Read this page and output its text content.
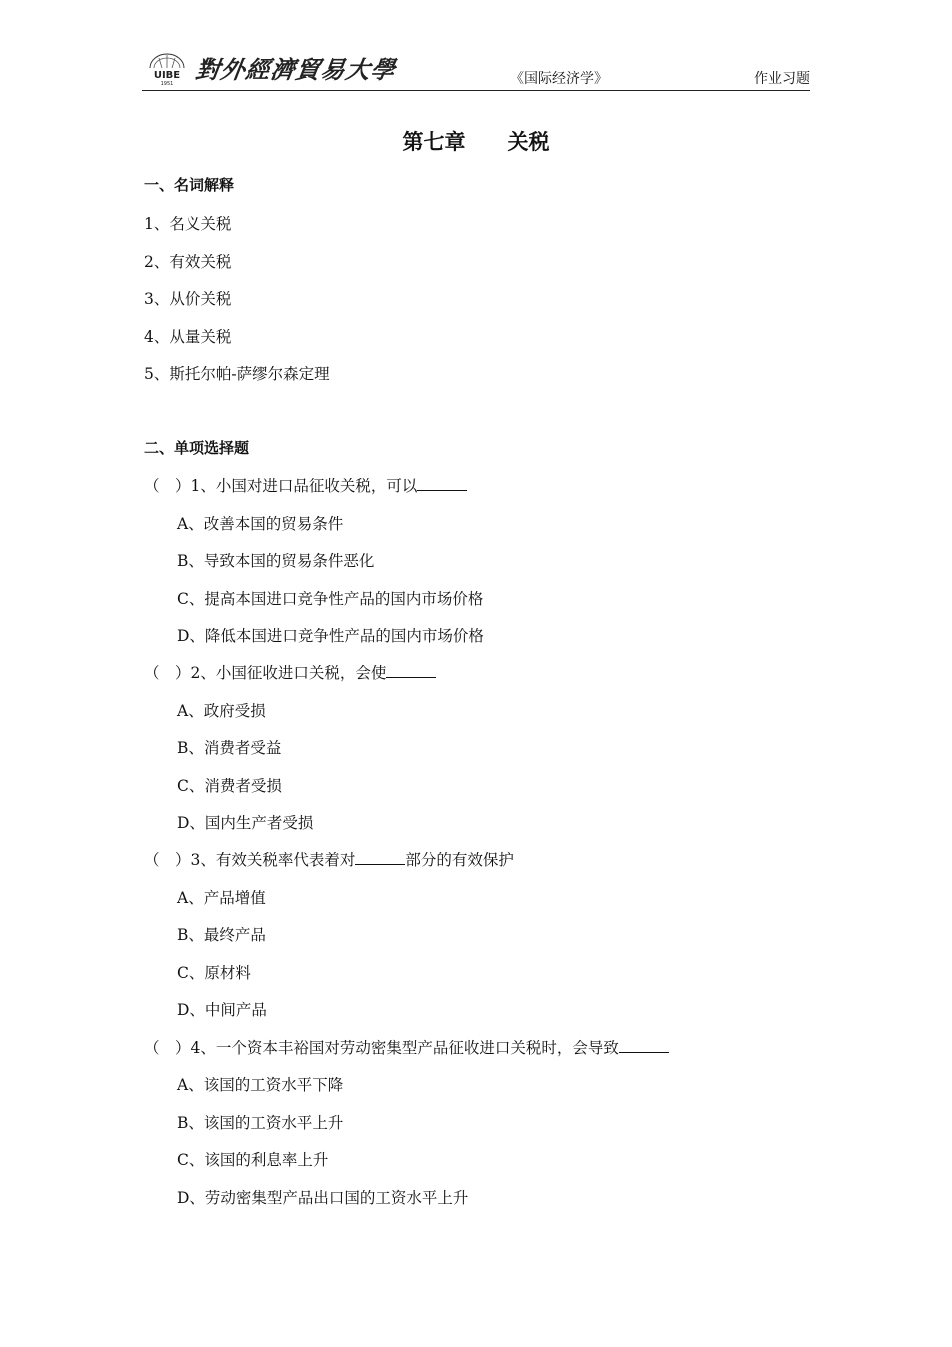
UIBE
1951 對外經濟貿易大學	《国际经济学》	作业习题
第七章　　关税
一、名词解释
1、名义关税
2、有效关税
3、从价关税
4、从量关税
5、斯托尔帕-萨缪尔森定理
二、单项选择题
（　）1、小国对进口品征收关税，可以
A、改善本国的贸易条件
B、导致本国的贸易条件恶化
C、提高本国进口竞争性产品的国内市场价格
D、降低本国进口竞争性产品的国内市场价格
（　）2、小国征收进口关税，会使
A、政府受损
B、消费者受益
C、消费者受损
D、国内生产者受损
（　）3、有效关税率代表着对	部分的有效保护
A、产品增值
B、最终产品
C、原材料
D、中间产品
（　）4、一个资本丰裕国对劳动密集型产品征收进口关税时，会导致
A、该国的工资水平下降
B、该国的工资水平上升
C、该国的利息率上升
D、劳动密集型产品出口国的工资水平上升
